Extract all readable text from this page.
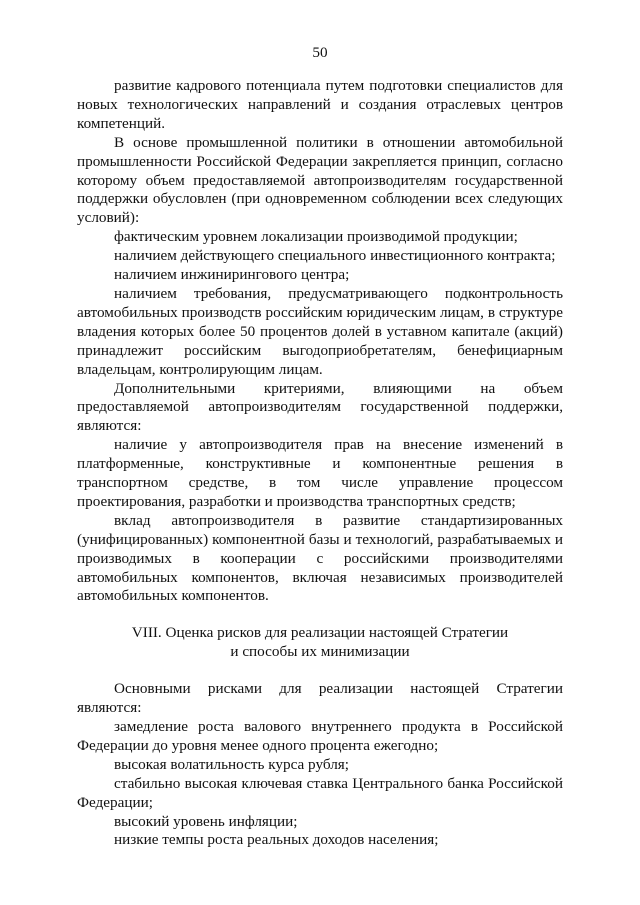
50

развитие кадрового потенциала путем подготовки специалистов для новых технологических направлений и создания отраслевых центров компетенций.

В основе промышленной политики в отношении автомобильной промышленности Российской Федерации закрепляется принцип, согласно которому объем предоставляемой автопроизводителям государственной поддержки обусловлен (при одновременном соблюдении всех следующих условий):

фактическим уровнем локализации производимой продукции;

наличием действующего специального инвестиционного контракта;

наличием инжинирингового центра;

наличием требования, предусматривающего подконтрольность автомобильных производств российским юридическим лицам, в структуре владения которых более 50 процентов долей в уставном капитале (акций) принадлежит российским выгодоприобретателям, бенефициарным владельцам, контролирующим лицам.

Дополнительными критериями, влияющими на объем предоставляемой автопроизводителям государственной поддержки, являются:

наличие у автопроизводителя прав на внесение изменений в платформенные, конструктивные и компонентные решения в транспортном средстве, в том числе управление процессом проектирования, разработки и производства транспортных средств;

вклад автопроизводителя в развитие стандартизированных (унифицированных) компонентной базы и технологий, разрабатываемых и производимых в кооперации с российскими производителями автомобильных компонентов, включая независимых производителей автомобильных компонентов.

VIII. Оценка рисков для реализации настоящей Стратегии
и способы их минимизации

Основными рисками для реализации настоящей Стратегии являются:

замедление роста валового внутреннего продукта в Российской Федерации до уровня менее одного процента ежегодно;

высокая волатильность курса рубля;

стабильно высокая ключевая ставка Центрального банка Российской Федерации;

высокий уровень инфляции;

низкие темпы роста реальных доходов населения;
